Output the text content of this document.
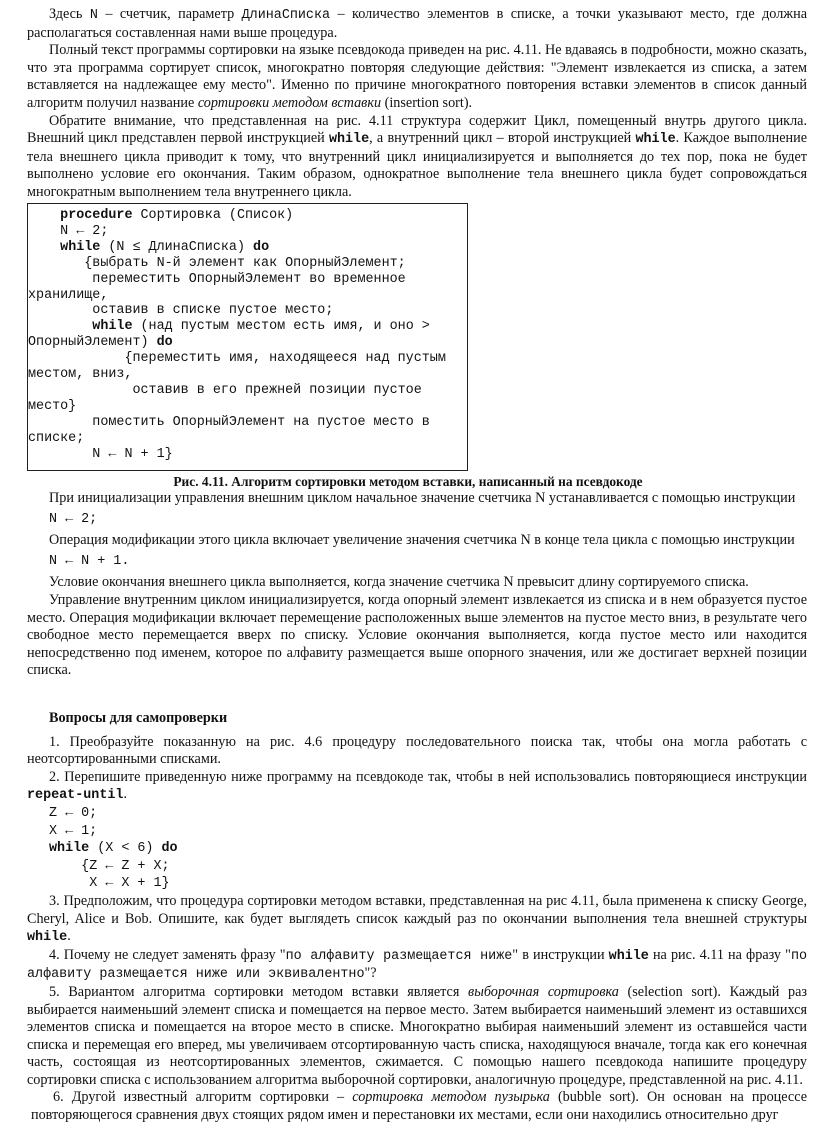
Здесь N – счетчик, параметр ДлинаСписка – количество элементов в списке, а точки указывают место, где должна располагаться составленная нами выше процедура.

Полный текст программы сортировки на языке псевдокода приведен на рис. 4.11. Не вдаваясь в подробности, можно сказать, что эта программа сортирует список, многократно повторяя следующие действия: "Элемент извлекается из списка, а затем вставляется на надлежащее ему место". Именно по причине многократного повторения вставки элементов в список данный алгоритм получил название сортировки методом вставки (insertion sort).

Обратите внимание, что представленная на рис. 4.11 структура содержит Цикл, помещенный внутрь другого цикла. Внешний цикл представлен первой инструкцией while, а внутренний цикл – второй инструкцией while. Каждое выполнение тела внешнего цикла приводит к тому, что внутренний цикл инициализируется и выполняется до тех пор, пока не будет выполнено условие его окончания. Таким образом, однократное выполнение тела внешнего цикла будет сопровождаться многократным выполнением тела внутреннего цикла.

procedure Сортировка (Список)
N ← 2;
while (N ≤ ДлинаСписка) do
{выбрать N-й элемент как ОпорныйЭлемент;
переместить ОпорныйЭлемент во временное
хранилище,
оставив в списке пустое место;
while (над пустым местом есть имя, и оно >
ОпорныйЭлемент) do
{переместить имя, находящееся над пустым
местом, вниз,
оставив в его прежней позиции пустое
место}
поместить ОпорныйЭлемент на пустое место в
списке;
N ← N + 1}
Рис. 4.11. Алгоритм сортировки методом вставки, написанный на псевдокоде

При инициализации управления внешним циклом начальное значение счетчика N устанавливается с помощью инструкции

N ← 2;

Операция модификации этого цикла включает увеличение значения счетчика N в конце тела цикла с помощью инструкции

N ← N + 1.

Условие окончания внешнего цикла выполняется, когда значение счетчика N превысит длину сортируемого списка.

Управление внутренним циклом инициализируется, когда опорный элемент извлекается из списка и в нем образуется пустое место. Операция модификации включает перемещение расположенных выше элементов на пустое место вниз, в результате чего свободное место перемещается вверх по списку. Условие окончания выполняется, когда пустое место или находится непосредственно под именем, которое по алфавиту размещается выше опорного значения, или же достигает верхней позиции списка.

Вопросы для самопроверки

1. Преобразуйте показанную на рис. 4.6 процедуру последовательного поиска так, чтобы она могла работать с неотсортированными списками.

2. Перепишите приведенную ниже программу на псевдокоде так, чтобы в ней использовались повторяющиеся инструкции repeat-until.

Z ← 0;
X ← 1;
while (X < 6) do
{Z ← Z + X;
X ← X + 1}

3. Предположим, что процедура сортировки методом вставки, представленная на рис 4.11, была применена к списку George, Cheryl, Alice и Bob. Опишите, как будет выглядеть список каждый раз по окончании выполнения тела внешней структуры while.

4. Почему не следует заменять фразу "по алфавиту размещается ниже" в инструкции while на рис. 4.11 на фразу "по алфавиту размещается ниже или эквивалентно"?

5. Вариантом алгоритма сортировки методом вставки является выборочная сортировка (selection sort). Каждый раз выбирается наименьший элемент списка и помещается на первое место. Затем выбирается наименьший элемент из оставшихся элементов списка и помещается на второе место в списке. Многократно выбирая наименьший элемент из оставшейся части списка и перемещая его вперед, мы увеличиваем отсортированную часть списка, находящуюся вначале, тогда как его конечная часть, состоящая из неотсортированных элементов, сжимается. С помощью нашего псевдокода напишите процедуру сортировки списка с использованием алгоритма выборочной сортировки, аналогичную процедуре, представленной на рис. 4.11.

6. Другой известный алгоритм сортировки – сортировка методом пузырька (bubble sort). Он основан на процессе повторяющегося сравнения двух стоящих рядом имен и перестановки их местами, если они находились относительно друг
